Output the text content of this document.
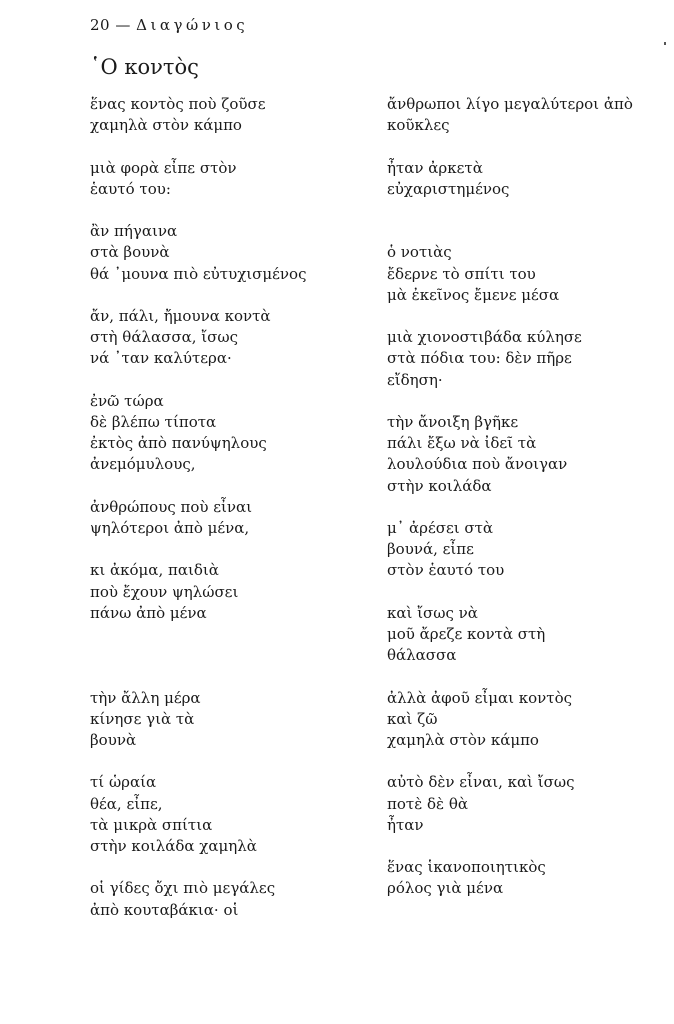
20 — Διαγώνιος
῾Ο κοντὸς
ἕνας κοντὸς ποὺ ζοῦσε
χαμηλὰ στὸν κάμπο
μιὰ φορὰ εἶπε στὸν
ἑαυτό του:
ἂν πήγαινα
στὰ βουνὰ
θά ᾽μουνα πιὸ εὐτυχισμένος
ἄν, πάλι, ἤμουνα κοντὰ
στὴ θάλασσα, ἴσως
νά ᾽ταν καλύτερα·
ἐνῶ τώρα
δὲ βλέπω τίποτα
ἐκτὸς ἀπὸ πανύψηλους
ἀνεμόμυλους,
ἀνθρώπους ποὺ εἶναι
ψηλότεροι ἀπὸ μένα,
κι ἀκόμα, παιδιὰ
ποὺ ἔχουν ψηλώσει
πάνω ἀπὸ μένα
τὴν ἄλλη μέρα
κίνησε γιὰ τὰ
βουνὰ
τί ὡραία
θέα, εἶπε,
τὰ μικρὰ σπίτια
στὴν κοιλάδα χαμηλὰ
οἱ γίδες ὄχι πιὸ μεγάλες
ἀπὸ κουταβάκια· οἱ
ἄνθρωποι λίγο μεγαλύτεροι ἀπὸ
κοῦκλες
ἦταν ἀρκετὰ
εὐχαριστημένος
ὁ νοτιὰς
ἔδερνε τὸ σπίτι του
μὰ ἐκεῖνος ἔμενε μέσα
μιὰ χιονοστιβάδα κύλησε
στὰ πόδια του: δὲν πῆρε
εἴδηση·
τὴν ἄνοιξη βγῆκε
πάλι ἔξω νὰ ἰδεῖ τὰ
λουλούδια ποὺ ἄνοιγαν
στὴν κοιλάδα
μ᾽ ἀρέσει στὰ
βουνά, εἶπε
στὸν ἑαυτό του
καὶ ἴσως νὰ
μοῦ ἄρεζε κοντὰ στὴ
θάλασσα
ἀλλὰ ἀφοῦ εἶμαι κοντὸς
καὶ ζῶ
χαμηλὰ στὸν κάμπο
αὐτὸ δὲν εἶναι, καὶ ἴσως
ποτὲ δὲ θὰ
ἦταν
ἕνας ἱκανοποιητικὸς
ρόλος γιὰ μένα
